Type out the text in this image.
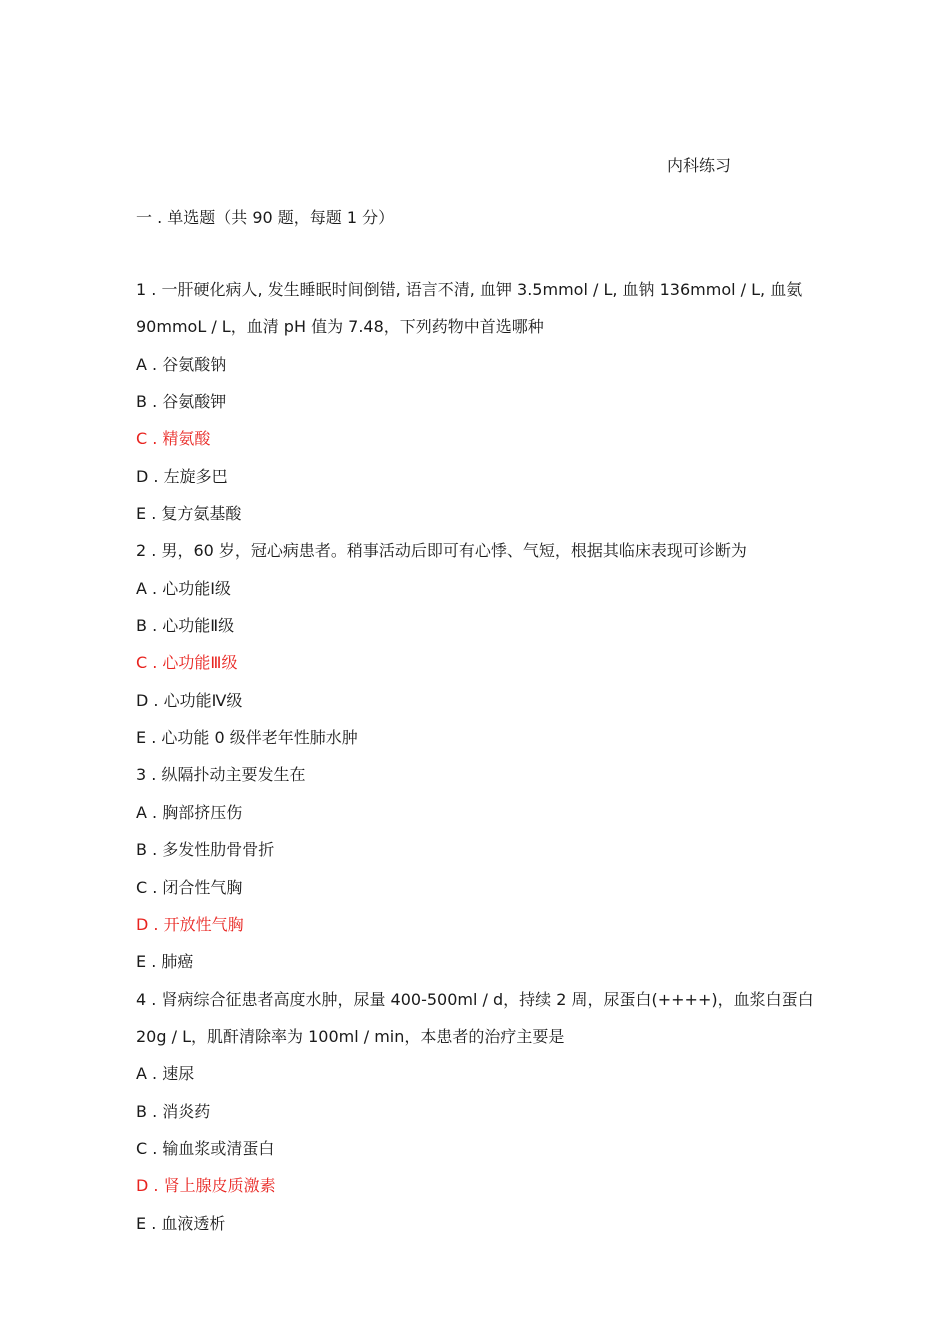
内科练习
一 . 单选题（共 90 题，每题 1 分）
1 . 一肝硬化病人, 发生睡眠时间倒错, 语言不清, 血钾 3.5mmol / L, 血钠 136mmol / L, 血氨
90mmoL / L，血清 pH 值为 7.48，下列药物中首选哪种
A . 谷氨酸钠
B . 谷氨酸钾
C . 精氨酸
D . 左旋多巴
E . 复方氨基酸
2 . 男，60 岁，冠心病患者。稍事活动后即可有心悸、气短，根据其临床表现可诊断为
A . 心功能Ⅰ级
B . 心功能Ⅱ级
C . 心功能Ⅲ级
D . 心功能Ⅳ级
E . 心功能 0 级伴老年性肺水肿
3 . 纵隔扑动主要发生在
A . 胸部挤压伤
B . 多发性肋骨骨折
C . 闭合性气胸
D . 开放性气胸
E . 肺癌
4 . 肾病综合征患者高度水肿，尿量 400-500ml / d，持续 2 周，尿蛋白(++++)，血浆白蛋白
20g / L，肌酐清除率为 100ml / min，本患者的治疗主要是
A . 速尿
B . 消炎药
C . 输血浆或清蛋白
D . 肾上腺皮质激素
E . 血液透析
